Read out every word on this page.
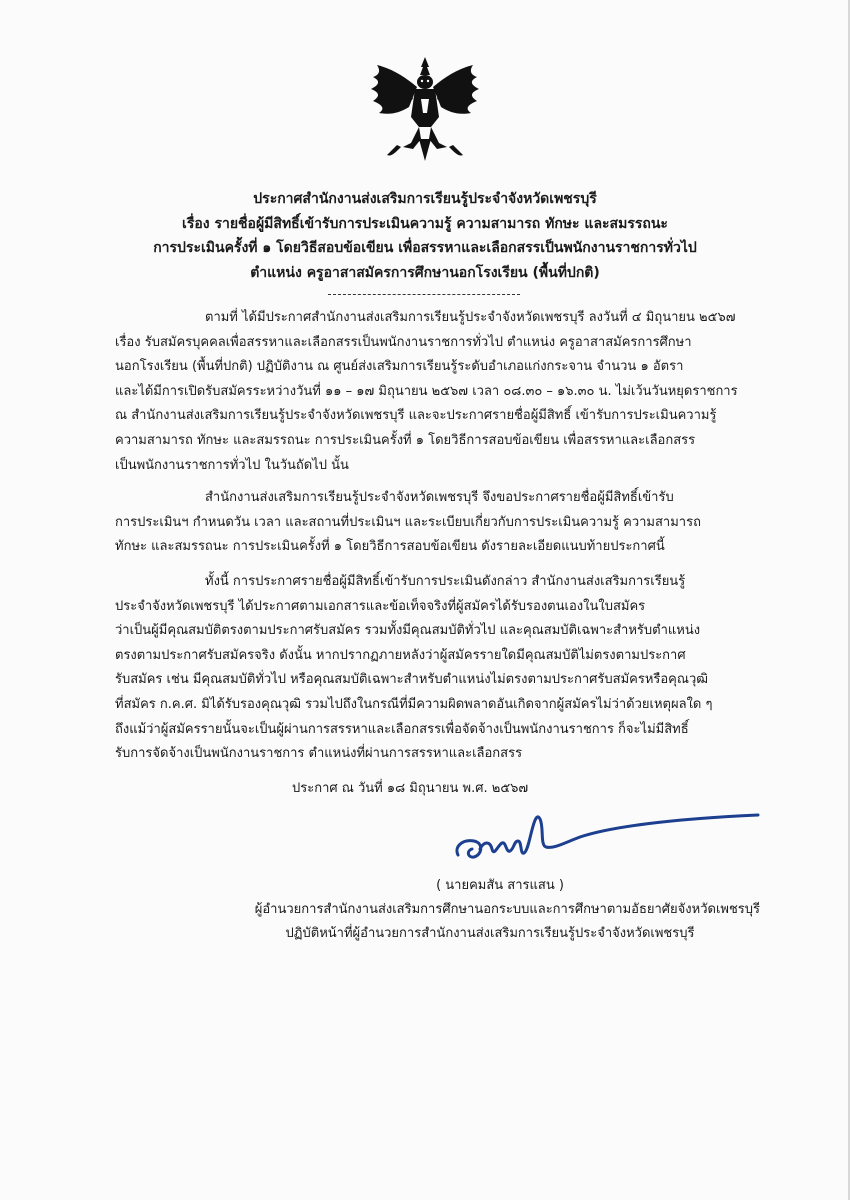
ประกาศสำนักงานส่งเสริมการเรียนรู้ประจำจังหวัดเพชรบุรี
เรื่อง รายชื่อผู้มีสิทธิ์เข้ารับการประเมินความรู้ ความสามารถ ทักษะ และสมรรถนะ
การประเมินครั้งที่ ๑ โดยวิธีสอบข้อเขียน เพื่อสรรหาและเลือกสรรเป็นพนักงานราชการทั่วไป
ตำแหน่ง ครูอาสาสมัครการศึกษานอกโรงเรียน (พื้นที่ปกติ)
ตามที่ ได้มีประกาศสำนักงานส่งเสริมการเรียนรู้ประจำจังหวัดเพชรบุรี ลงวันที่ ๔ มิถุนายน ๒๕๖๗
เรื่อง รับสมัครบุคคลเพื่อสรรหาและเลือกสรรเป็นพนักงานราชการทั่วไป ตำแหน่ง ครูอาสาสมัครการศึกษา
นอกโรงเรียน (พื้นที่ปกติ) ปฏิบัติงาน ณ ศูนย์ส่งเสริมการเรียนรู้ระดับอำเภอแก่งกระจาน จำนวน ๑ อัตรา
และได้มีการเปิดรับสมัครระหว่างวันที่ ๑๑ – ๑๗ มิถุนายน ๒๕๖๗ เวลา ๐๘.๓๐ – ๑๖.๓๐ น. ไม่เว้นวันหยุดราชการ
ณ สำนักงานส่งเสริมการเรียนรู้ประจำจังหวัดเพชรบุรี และจะประกาศรายชื่อผู้มีสิทธิ์ เข้ารับการประเมินความรู้
ความสามารถ ทักษะ และสมรรถนะ การประเมินครั้งที่ ๑ โดยวิธีการสอบข้อเขียน เพื่อสรรหาและเลือกสรร
เป็นพนักงานราชการทั่วไป ในวันถัดไป นั้น
สำนักงานส่งเสริมการเรียนรู้ประจำจังหวัดเพชรบุรี จึงขอประกาศรายชื่อผู้มีสิทธิ์เข้ารับ
การประเมินฯ กำหนดวัน เวลา และสถานที่ประเมินฯ และระเบียบเกี่ยวกับการประเมินความรู้ ความสามารถ
ทักษะ และสมรรถนะ การประเมินครั้งที่ ๑ โดยวิธีการสอบข้อเขียน ดังรายละเอียดแนบท้ายประกาศนี้
ทั้งนี้ การประกาศรายชื่อผู้มีสิทธิ์เข้ารับการประเมินดังกล่าว สำนักงานส่งเสริมการเรียนรู้
ประจำจังหวัดเพชรบุรี ได้ประกาศตามเอกสารและข้อเท็จจริงที่ผู้สมัครได้รับรองตนเองในใบสมัคร
ว่าเป็นผู้มีคุณสมบัติตรงตามประกาศรับสมัคร รวมทั้งมีคุณสมบัติทั่วไป และคุณสมบัติเฉพาะสำหรับตำแหน่ง
ตรงตามประกาศรับสมัครจริง ดังนั้น หากปรากฏภายหลังว่าผู้สมัครรายใดมีคุณสมบัติไม่ตรงตามประกาศ
รับสมัคร เช่น มีคุณสมบัติทั่วไป หรือคุณสมบัติเฉพาะสำหรับตำแหน่งไม่ตรงตามประกาศรับสมัครหรือคุณวุฒิ
ที่สมัคร ก.ค.ศ. มิได้รับรองคุณวุฒิ รวมไปถึงในกรณีที่มีความผิดพลาดอันเกิดจากผู้สมัครไม่ว่าด้วยเหตุผลใด ๆ
ถึงแม้ว่าผู้สมัครรายนั้นจะเป็นผู้ผ่านการสรรหาและเลือกสรรเพื่อจัดจ้างเป็นพนักงานราชการ ก็จะไม่มีสิทธิ์
รับการจัดจ้างเป็นพนักงานราชการ ตำแหน่งที่ผ่านการสรรหาและเลือกสรร
ประกาศ ณ วันที่ ๑๘ มิถุนายน พ.ศ. ๒๕๖๗
( นายคมสัน สารแสน )
ผู้อำนวยการสำนักงานส่งเสริมการศึกษานอกระบบและการศึกษาตามอัธยาศัยจังหวัดเพชรบุรี
ปฏิบัติหน้าที่ผู้อำนวยการสำนักงานส่งเสริมการเรียนรู้ประจำจังหวัดเพชรบุรี
